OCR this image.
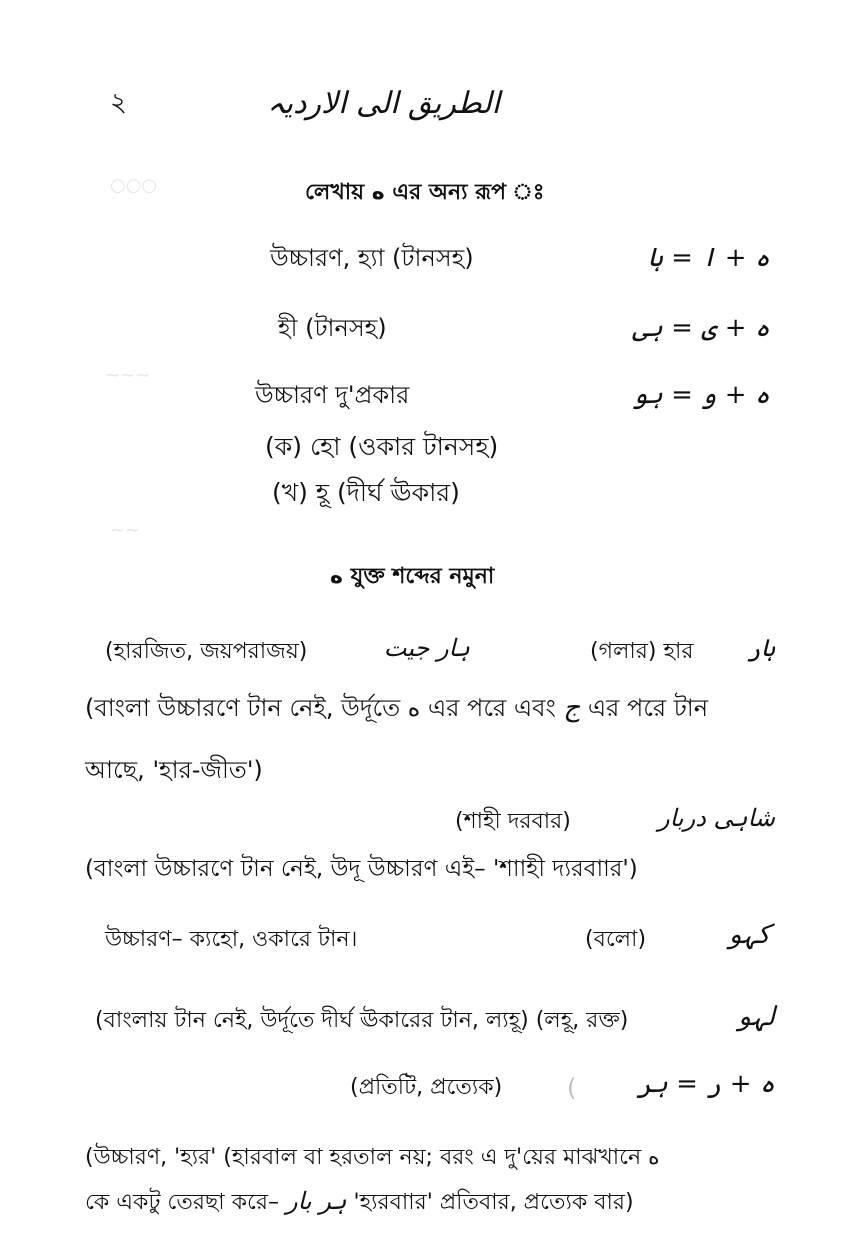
○○○
∼∼∼
∼∼
২	الطریق الی الاردیہ
লেখায় ه এর অন্য রূপ ঃ
উচ্চারণ, হ্যা (টানসহ)	ہ + ا = ہا
হী (টানসহ)	ہ + ی = ہی
উচ্চারণ দু'প্রকার	ہ + و = ہو
(ক) হো (ওকার টানসহ)
(খ) হূ (দীর্ঘ ঊকার)
ه যুক্ত শব্দের নমুনা
(হারজিত, জয়পরাজয়)	ہار جیت	(গলার) হার	ہار
(বাংলা উচ্চারণে টান নেই, উর্দূতে ه এর পরে এবং ج এর পরে টান
আছে, 'হার-জীত')
(শাহী দরবার)	شاہی دربار
(বাংলা উচ্চারণে টান নেই, উদূ উচ্চারণ এই– 'শাাহী দ্যরবাার')
উচ্চারণ– ক্যহো, ওকারে টান।	(বলো)	کہو
(বাংলায় টান নেই, উর্দূতে দীর্ঘ ঊকারের টান, ল্যহূ) (লহূ, রক্ত)	لہو
(প্রতিটি, প্রত্যেক)	(	ہ + ر = ہر
(উচ্চারণ, 'হ্যর' (হারবাল বা হরতাল নয়; বরং এ দু'য়ের মাঝখানে ه
কে একটু তেরছা করে– ہر بار 'হ্যরবাার' প্রতিবার, প্রত্যেক বার)
